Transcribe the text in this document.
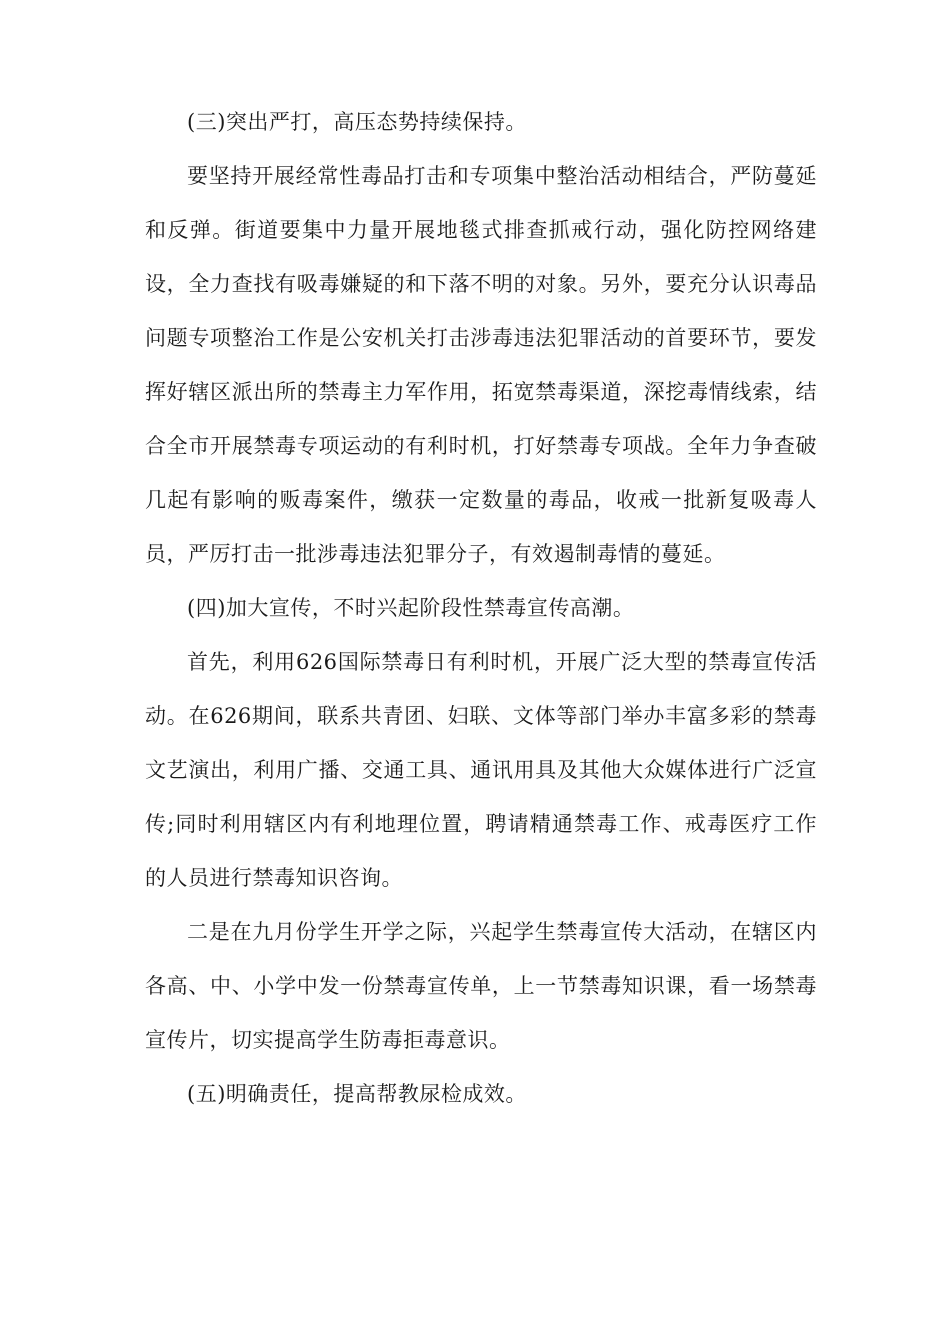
(三)突出严打，高压态势持续保持。

要坚持开展经常性毒品打击和专项集中整治活动相结合，严防蔓延和反弹。街道要集中力量开展地毯式排查抓戒行动，强化防控网络建设，全力查找有吸毒嫌疑的和下落不明的对象。另外，要充分认识毒品问题专项整治工作是公安机关打击涉毒违法犯罪活动的首要环节，要发挥好辖区派出所的禁毒主力军作用，拓宽禁毒渠道，深挖毒情线索，结合全市开展禁毒专项运动的有利时机，打好禁毒专项战。全年力争查破几起有影响的贩毒案件，缴获一定数量的毒品，收戒一批新复吸毒人员，严厉打击一批涉毒违法犯罪分子，有效遏制毒情的蔓延。

(四)加大宣传，不时兴起阶段性禁毒宣传高潮。

首先，利用626国际禁毒日有利时机，开展广泛大型的禁毒宣传活动。在626期间，联系共青团、妇联、文体等部门举办丰富多彩的禁毒文艺演出，利用广播、交通工具、通讯用具及其他大众媒体进行广泛宣传;同时利用辖区内有利地理位置，聘请精通禁毒工作、戒毒医疗工作的人员进行禁毒知识咨询。

二是在九月份学生开学之际，兴起学生禁毒宣传大活动，在辖区内各高、中、小学中发一份禁毒宣传单，上一节禁毒知识课，看一场禁毒宣传片，切实提高学生防毒拒毒意识。

(五)明确责任，提高帮教尿检成效。
